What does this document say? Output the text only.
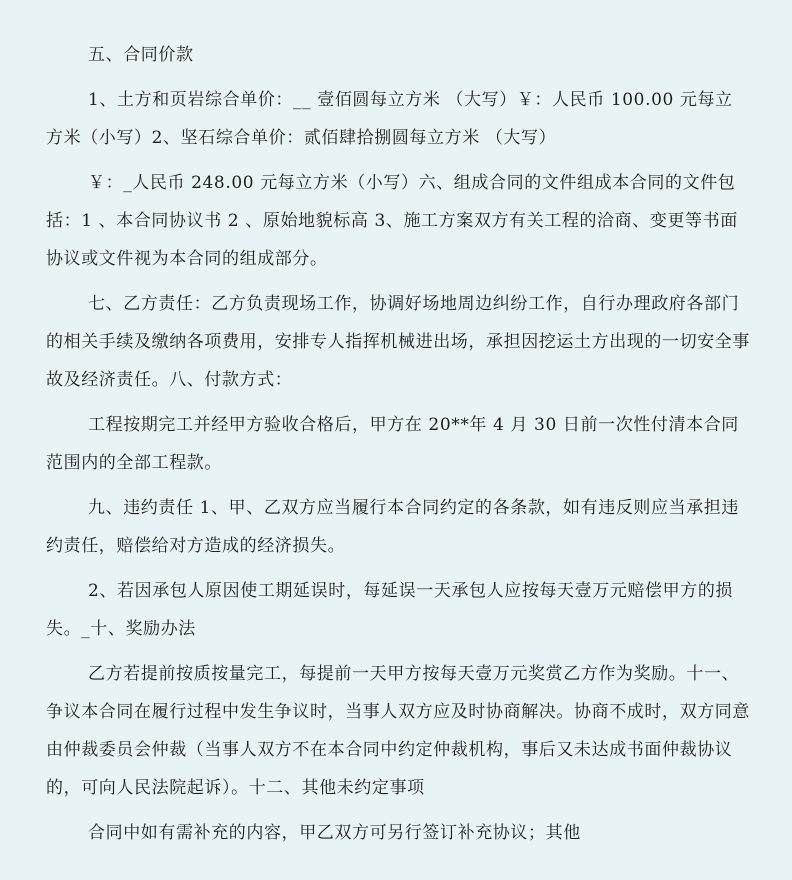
五、合同价款

1、土方和页岩综合单价：__ 壹佰圆每立方米 （大写）￥：人民币 100.00 元每立方米（小写）2、坚石综合单价：贰佰肆拾捌圆每立方米 （大写）

￥：_人民币 248.00 元每立方米（小写）六、组成合同的文件组成本合同的文件包括：1 、本合同协议书 2 、原始地貌标高 3、施工方案双方有关工程的洽商、变更等书面协议或文件视为本合同的组成部分。

七、乙方责任：乙方负责现场工作，协调好场地周边纠纷工作，自行办理政府各部门的相关手续及缴纳各项费用，安排专人指挥机械进出场，承担因挖运土方出现的一切安全事故及经济责任。八、付款方式：

工程按期完工并经甲方验收合格后，甲方在 20**年 4 月 30 日前一次性付清本合同范围内的全部工程款。

九、违约责任 1、甲、乙双方应当履行本合同约定的各条款，如有违反则应当承担违约责任，赔偿给对方造成的经济损失。

2、若因承包人原因使工期延误时，每延误一天承包人应按每天壹万元赔偿甲方的损失。_十、奖励办法

乙方若提前按质按量完工，每提前一天甲方按每天壹万元奖赏乙方作为奖励。十一、争议本合同在履行过程中发生争议时，当事人双方应及时协商解决。协商不成时，双方同意由仲裁委员会仲裁（当事人双方不在本合同中约定仲裁机构，事后又未达成书面仲裁协议的，可向人民法院起诉）。十二、其他未约定事项

合同中如有需补充的内容，甲乙双方可另行签订补充协议；其他
